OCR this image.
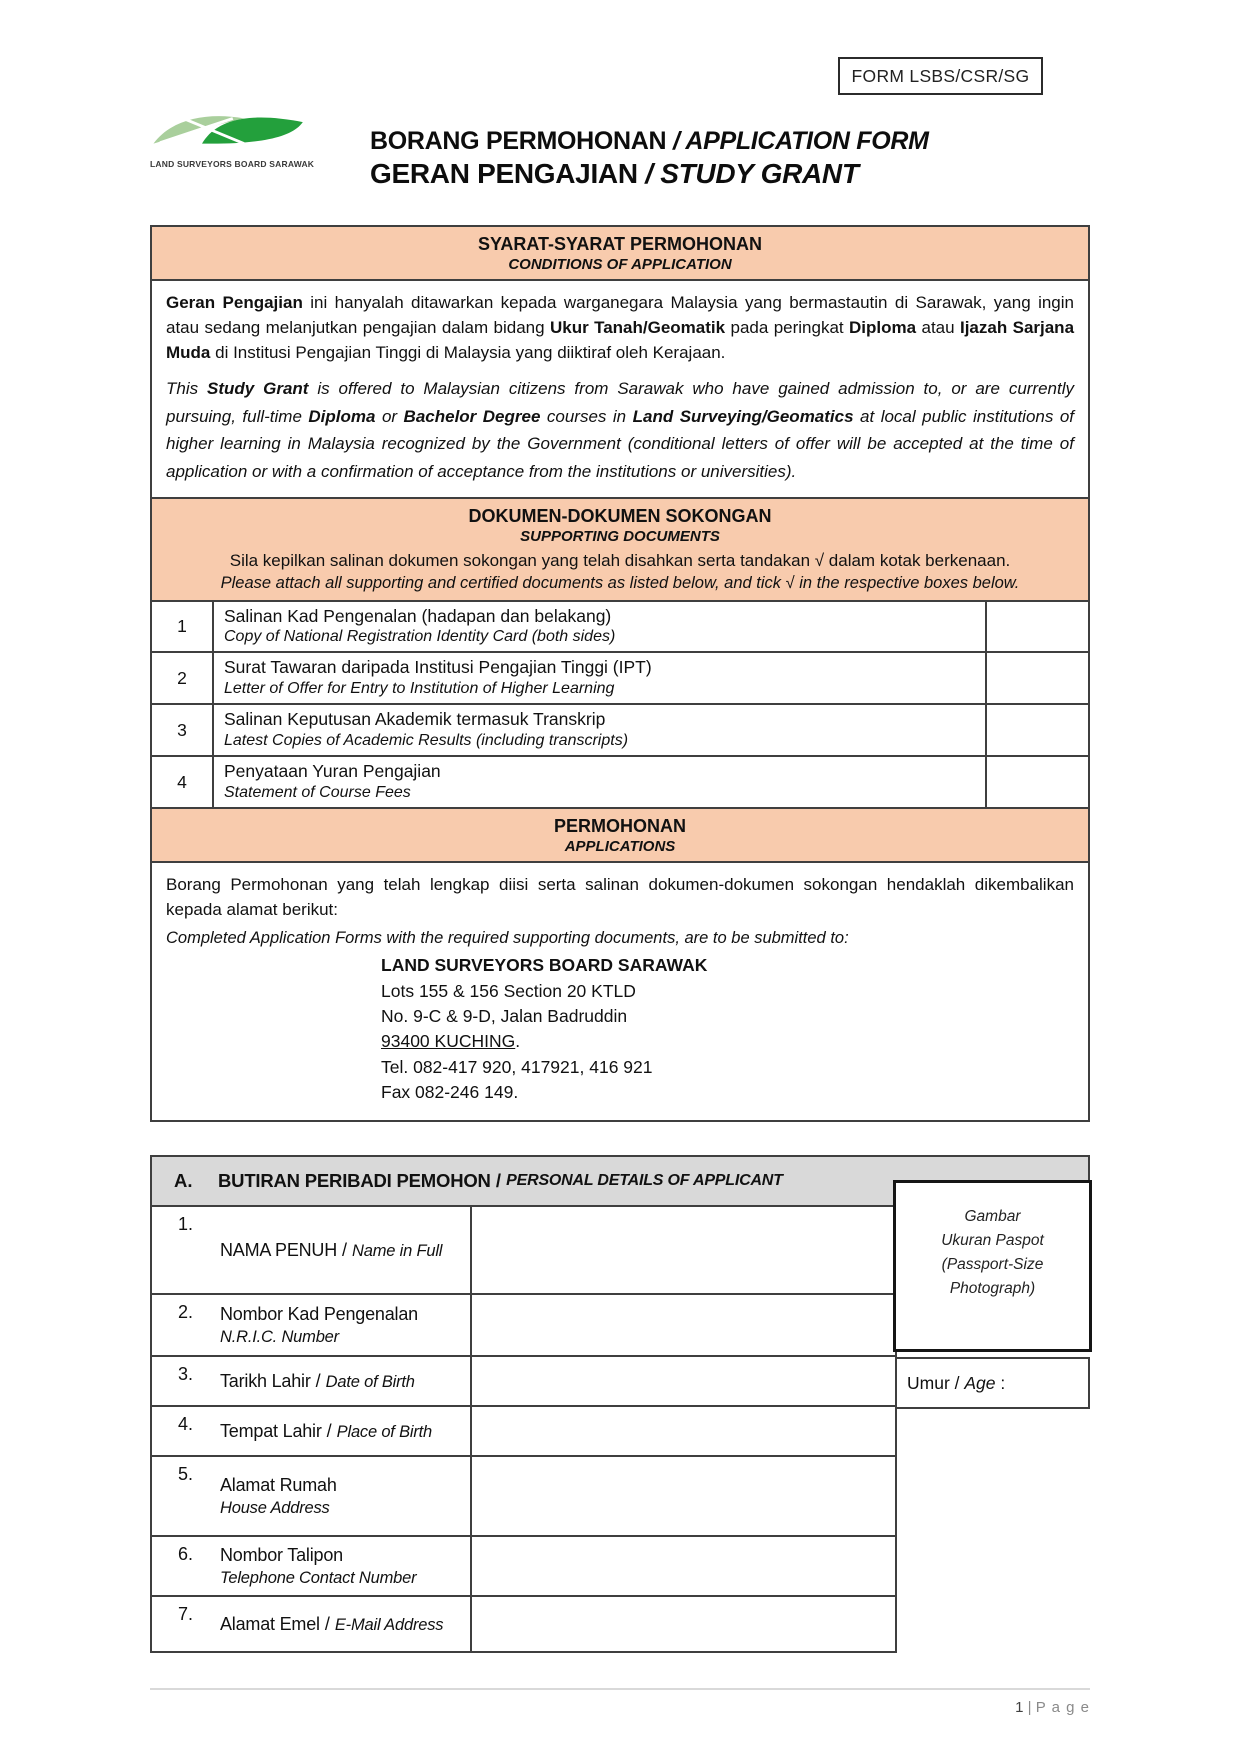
FORM LSBS/CSR/SG
LAND SURVEYORS BOARD SARAWAK
BORANG PERMOHONAN / APPLICATION FORM
GERAN PENGAJIAN / STUDY GRANT
SYARAT-SYARAT PERMOHONAN
CONDITIONS OF APPLICATION

Geran Pengajian ini hanyalah ditawarkan kepada warganegara Malaysia yang bermastautin di Sarawak, yang ingin atau sedang melanjutkan pengajian dalam bidang Ukur Tanah/Geomatik pada peringkat Diploma atau Ijazah Sarjana Muda di Institusi Pengajian Tinggi di Malaysia yang diiktiraf oleh Kerajaan.

This Study Grant is offered to Malaysian citizens from Sarawak who have gained admission to, or are currently pursuing, full-time Diploma or Bachelor Degree courses in Land Surveying/Geomatics at local public institutions of higher learning in Malaysia recognized by the Government (conditional letters of offer will be accepted at the time of application or with a confirmation of acceptance from the institutions or universities).

DOKUMEN-DOKUMEN SOKONGAN
SUPPORTING DOCUMENTS
Sila kepilkan salinan dokumen sokongan yang telah disahkan serta tandakan √ dalam kotak berkenaan.
Please attach all supporting and certified documents as listed below, and tick √ in the respective boxes below.
1
Salinan Kad Pengenalan (hadapan dan belakang)
Copy of National Registration Identity Card (both sides)
2
Surat Tawaran daripada Institusi Pengajian Tinggi (IPT)
Letter of Offer for Entry to Institution of Higher Learning
3
Salinan Keputusan Akademik termasuk Transkrip
Latest Copies of Academic Results (including transcripts)
4
Penyataan Yuran Pengajian
Statement of Course Fees
PERMOHONAN
APPLICATIONS

Borang Permohonan yang telah lengkap diisi serta salinan dokumen-dokumen sokongan hendaklah dikembalikan kepada alamat berikut:

Completed Application Forms with the required supporting documents, are to be submitted to:

LAND SURVEYORS BOARD SARAWAK
Lots 155 & 156 Section 20 KTLD
No. 9-C & 9-D, Jalan Badruddin
93400 KUCHING.
Tel. 082-417 920, 417921, 416 921
Fax 082-246 149.
A.	BUTIRAN PERIBADI PEMOHON / PERSONAL DETAILS OF APPLICANT
1.
NAMA PENUH / Name in Full
2.	Nombor Kad Pengenalan
N.R.I.C. Number
3.	Tarikh Lahir / Date of Birth
4.	Tempat Lahir / Place of Birth
5.
Alamat Rumah
House Address
6.	Nombor Talipon
Telephone Contact Number
7.	Alamat Emel / E-Mail Address
Umur / Age :
Gambar
Ukuran Paspot
(Passport-Size
Photograph)
1 | P a g e
